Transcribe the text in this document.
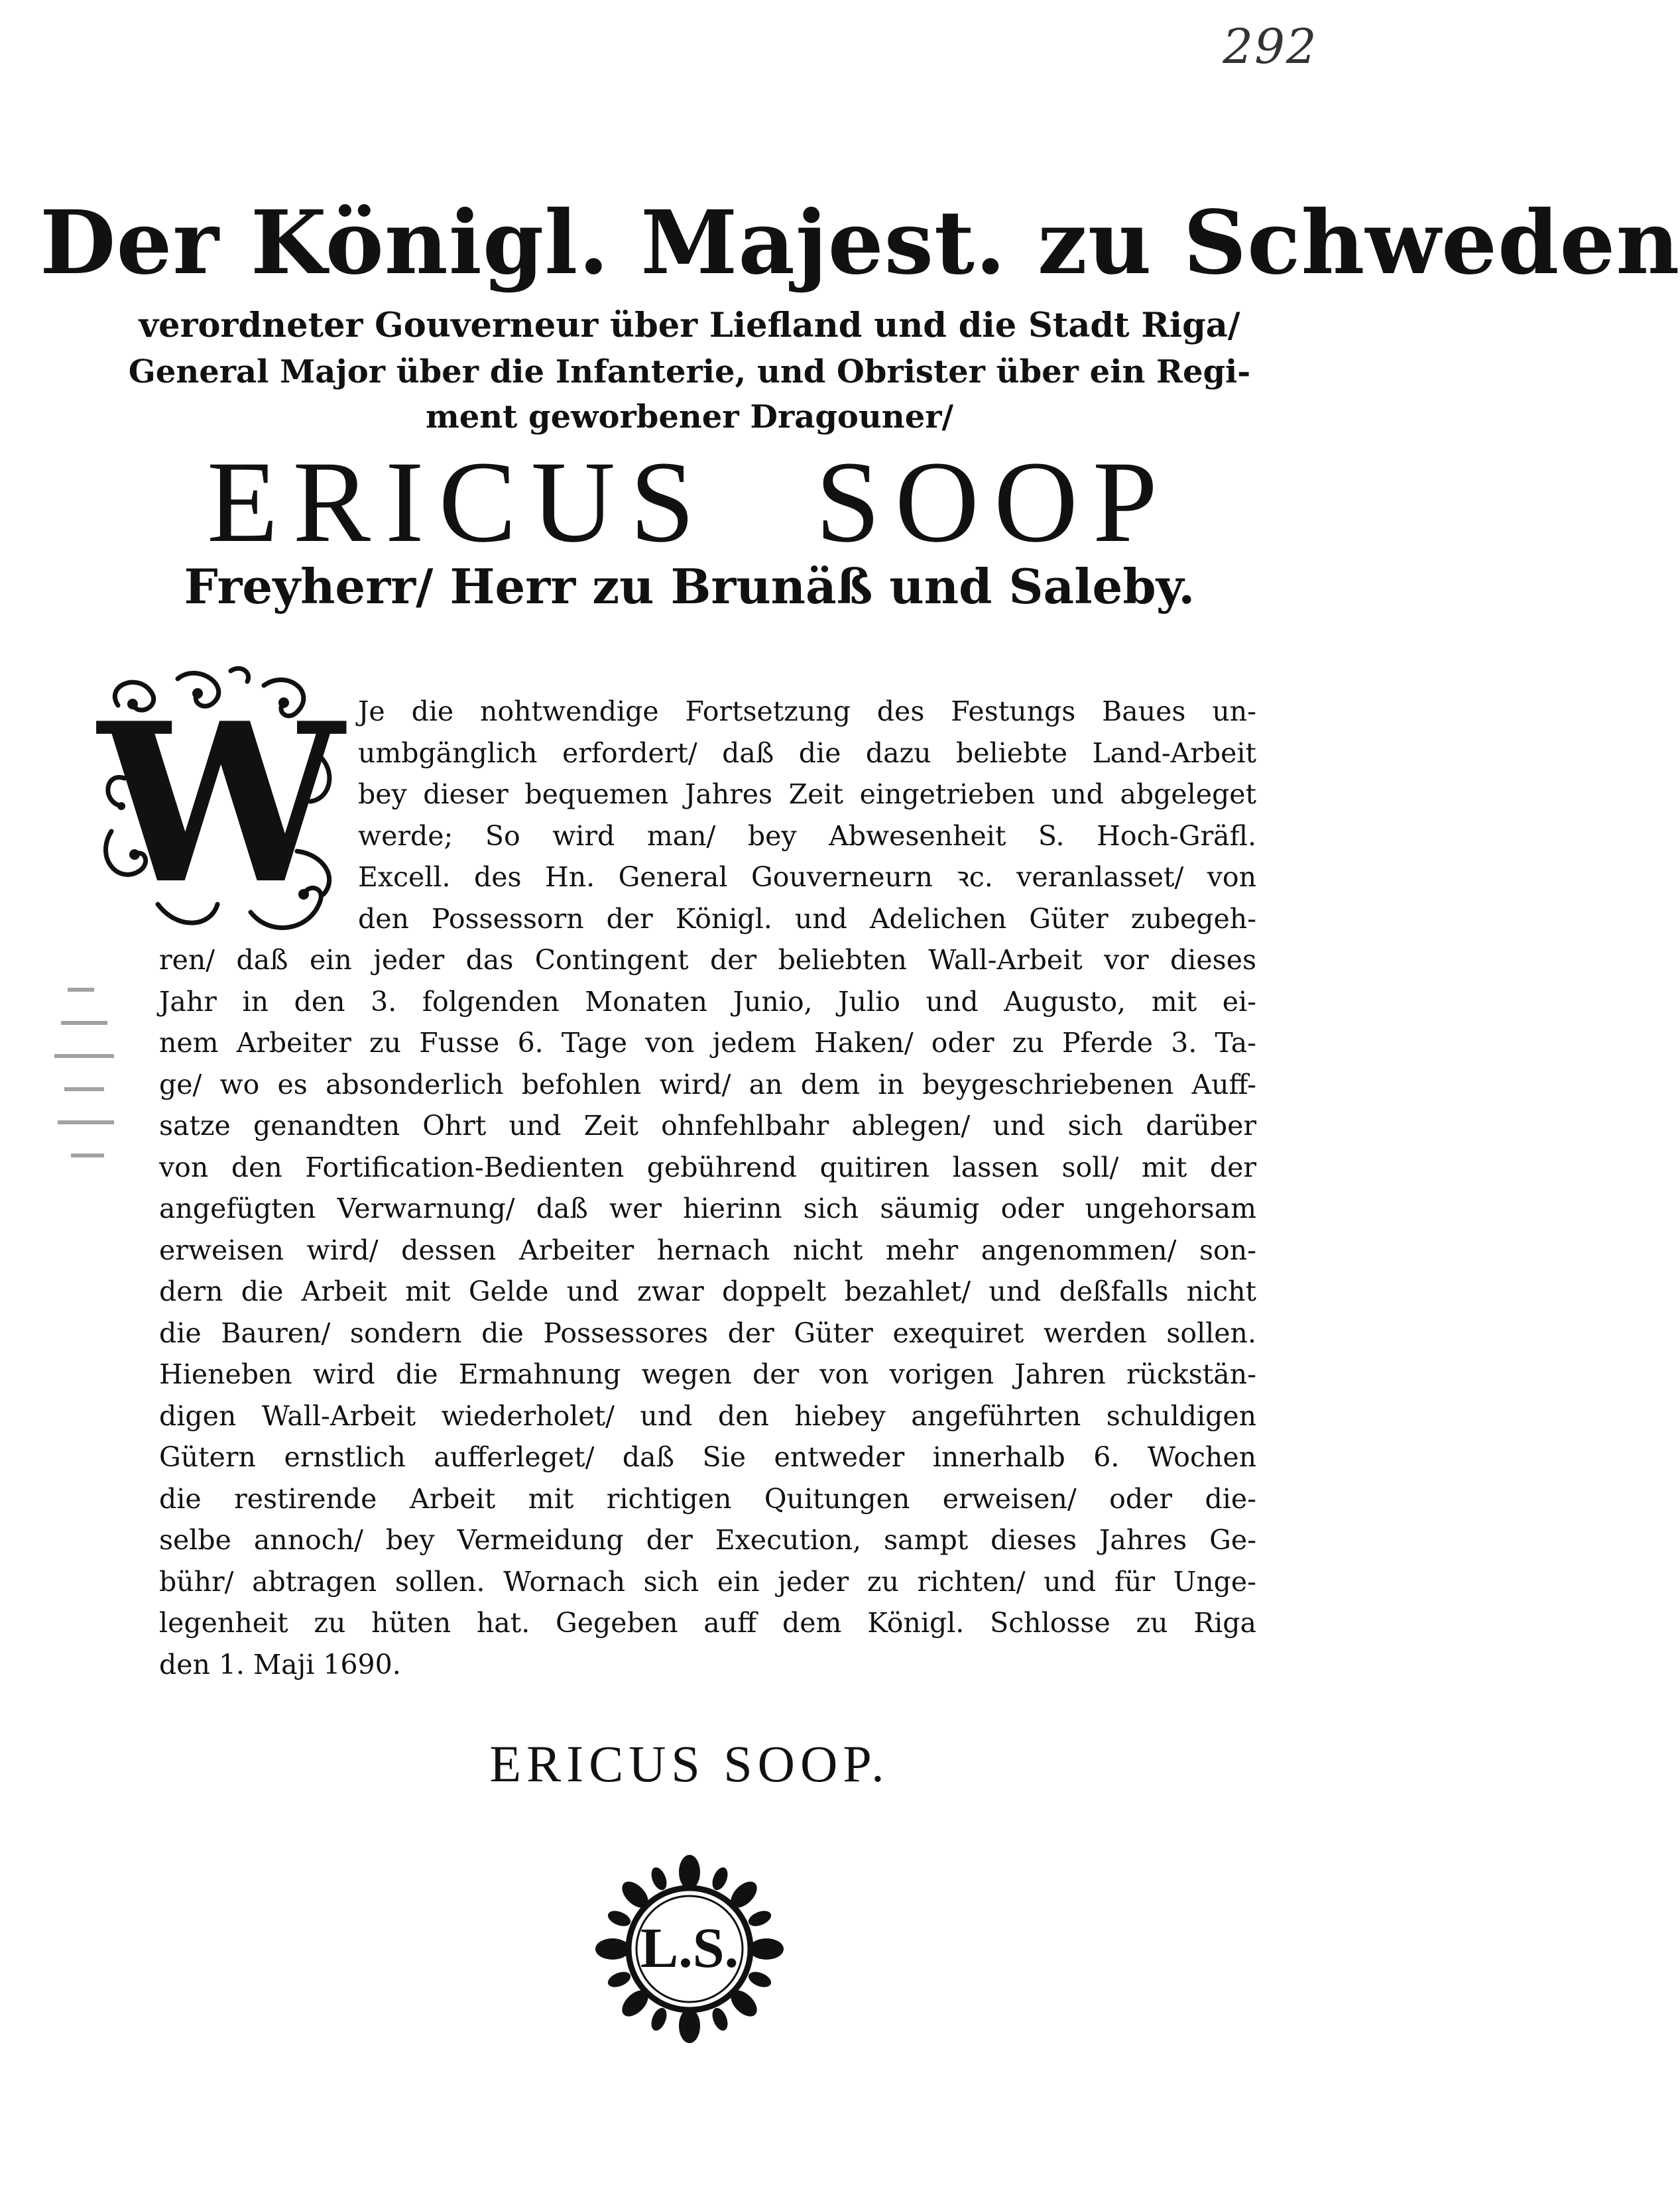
292
Der Königl. Majest. zu Schweden
verordneter Gouverneur über Liefland und die Stadt Riga/
General Major über die Infanterie, und Obrister über ein Regi-
ment geworbener Dragouner/
ERICUS SOOP
Freyherr/ Herr zu Brunäß und Saleby.
W Je die nohtwendige Fortsetzung des Festungs Baues un-
umbgänglich erfordert/ daß die dazu beliebte Land-Arbeit
bey dieser bequemen Jahres Zeit eingetrieben und abgeleget
werde; So wird man/ bey Abwesenheit S. Hoch-Gräfl.
Excell. des Hn. General Gouverneurn ꝛc. veranlasset/ von
den Possessorn der Königl. und Adelichen Güter zubegeh-
ren/ daß ein jeder das Contingent der beliebten Wall-Arbeit vor dieses
Jahr in den 3. folgenden Monaten Junio, Julio und Augusto, mit ei-
nem Arbeiter zu Fusse 6. Tage von jedem Haken/ oder zu Pferde 3. Ta-
ge/ wo es absonderlich befohlen wird/ an dem in beygeschriebenen Auff-
satze genandten Ohrt und Zeit ohnfehlbahr ablegen/ und sich darüber
von den Fortification-Bedienten gebührend quitiren lassen soll/ mit der
angefügten Verwarnung/ daß wer hierinn sich säumig oder ungehorsam
erweisen wird/ dessen Arbeiter hernach nicht mehr angenommen/ son-
dern die Arbeit mit Gelde und zwar doppelt bezahlet/ und deßfalls nicht
die Bauren/ sondern die Possessores der Güter exequiret werden sollen.
Hieneben wird die Ermahnung wegen der von vorigen Jahren rückstän-
digen Wall-Arbeit wiederholet/ und den hiebey angeführten schuldigen
Gütern ernstlich aufferleget/ daß Sie entweder innerhalb 6. Wochen
die restirende Arbeit mit richtigen Quitungen erweisen/ oder die-
selbe annoch/ bey Vermeidung der Execution, sampt dieses Jahres Ge-
bühr/ abtragen sollen. Wornach sich ein jeder zu richten/ und für Unge-
legenheit zu hüten hat. Gegeben auff dem Königl. Schlosse zu Riga
den 1. Maji 1690.
ERICUS SOOP.
L.S.
